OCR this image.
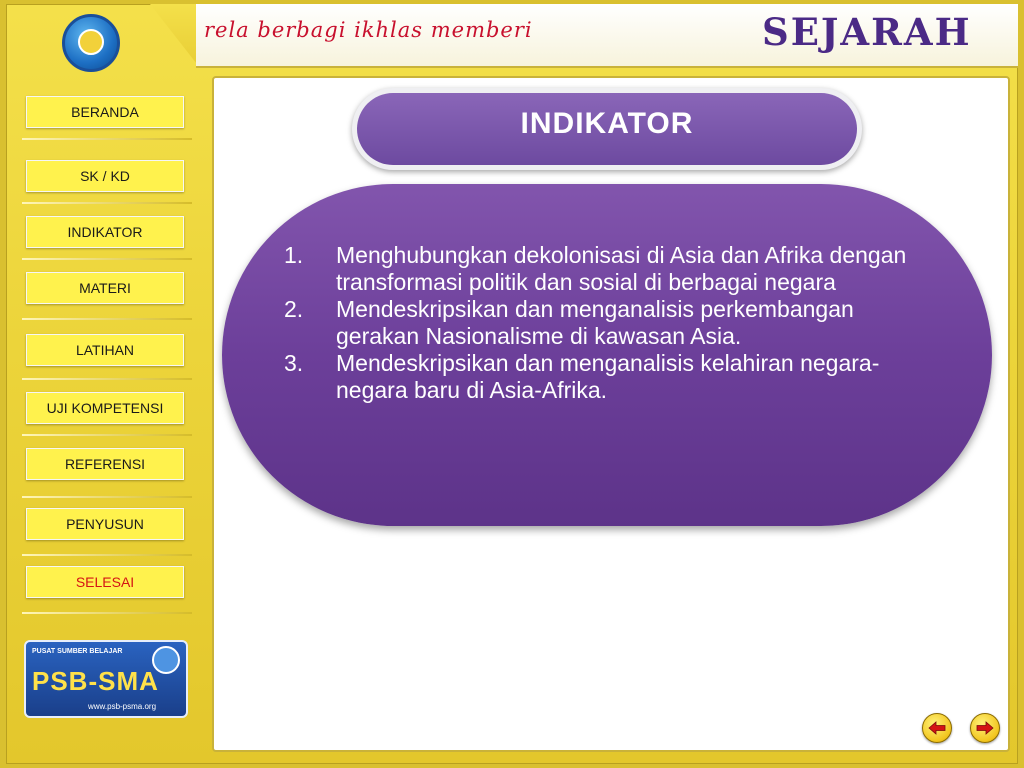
rela berbagi ikhlas memberi	SEJARAH
BERANDA
SK / KD
INDIKATOR
MATERI
LATIHAN
UJI KOMPETENSI
REFERENSI
PENYUSUN
SELESAI
PUSAT SUMBER BELAJAR
PSB-SMA
www.psb-psma.org
INDIKATOR
1.	Menghubungkan dekolonisasi di Asia dan Afrika dengan transformasi politik dan sosial di berbagai negara
2.	Mendeskripsikan dan menganalisis perkembangan gerakan Nasionalisme di kawasan Asia.
3.	Mendeskripsikan dan menganalisis kelahiran negara-negara baru di Asia-Afrika.
